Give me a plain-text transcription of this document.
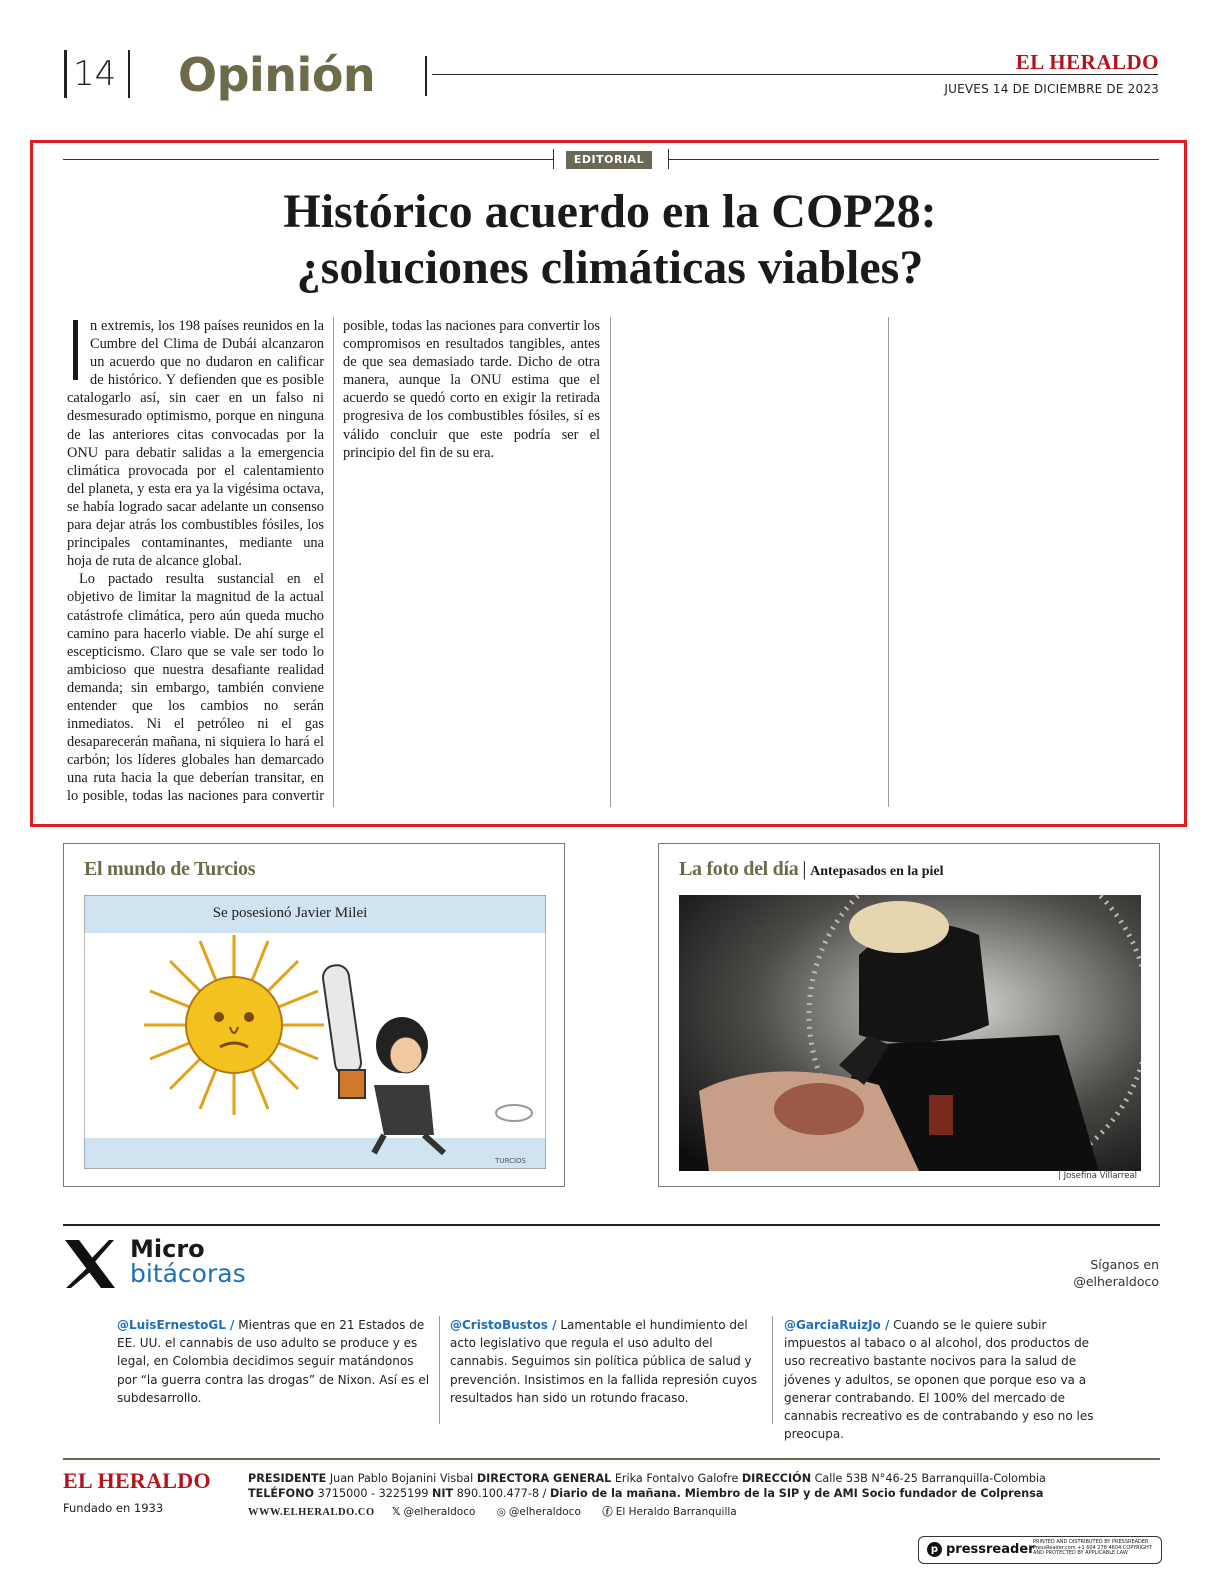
14 Opinión	EL HERALDO
JUEVES 14 DE DICIEMBRE DE 2023
EDITORIAL
Histórico acuerdo en la COP28:
¿soluciones climáticas viables?

n extremis, los 198 países reunidos en la Cumbre del Clima de Dubái alcanzaron un acuerdo que no dudaron en calificar de histórico. Y defienden que es posible catalogarlo así, sin caer en un falso ni desmesurado optimismo, porque en ninguna de las anteriores citas convocadas por la ONU para debatir salidas a la emergencia climática provocada por el calentamiento del planeta, y esta era ya la vigésima octava, se había logrado sacar adelante un consenso para dejar atrás los combustibles fósiles, los principales contaminantes, mediante una hoja de ruta de alcance global.

Lo pactado resulta sustancial en el objetivo de limitar la magnitud de la actual catástrofe climática, pero aún queda mucho camino para hacerlo viable. De ahí surge el escepticismo. Claro que se vale ser todo lo ambicioso que nuestra desafiante realidad demanda; sin embargo, también conviene entender que los cambios no serán inmediatos. Ni el petróleo ni el gas desaparecerán mañana, ni siquiera lo hará el carbón; los líderes globales han demarcado una ruta hacia la que deberían transitar, en lo posible, todas las naciones para convertir

posible, todas las naciones para convertir los compromisos en resultados tangibles, antes de que sea demasiado tarde. Dicho de otra manera, aunque la ONU estima que el acuerdo se quedó corto en exigir la retirada progresiva de los combustibles fósiles, sí es válido concluir que este podría ser el principio del fin de su era.

El mundo de Turcios
Se posesionó Javier Milei
TURCIOS
La foto del día | Antepasados en la piel
| Josefina Villarreal
Micro
bitácoras	Síganos en
@elheraldoco
@LuisErnestoGL / Mientras que en 21 Estados de EE. UU. el cannabis de uso adulto se produce y es legal, en Colombia decidimos seguir matándonos por “la guerra contra las drogas” de Nixon. Así es el subdesarrollo.
@CristoBustos / Lamentable el hundimiento del acto legislativo que regula el uso adulto del cannabis. Seguimos sin política pública de salud y prevención. Insistimos en la fallida represión cuyos resultados han sido un rotundo fracaso.
@GarciaRuizJo / Cuando se le quiere subir impuestos al tabaco o al alcohol, dos productos de uso recreativo bastante nocivos para la salud de jóvenes y adultos, se oponen que porque eso va a generar contrabando. El 100% del mercado de cannabis recreativo es de contrabando y eso no les preocupa.
EL HERALDO
Fundado en 1933
PRESIDENTE Juan Pablo Bojanini Visbal DIRECTORA GENERAL Erika Fontalvo Galofre DIRECCIÓN Calle 53B N°46-25 Barranquilla-Colombia
TELÉFONO 3715000 - 3225199 NIT 890.100.477-8 / Diario de la mañana. Miembro de la SIP y de AMI Socio fundador de Colprensa
WWW.ELHERALDO.CO 𝕏 @elheraldoco ◎ @elheraldoco ⓕ El Heraldo Barranquilla
p pressreader
PRINTED AND DISTRIBUTED BY PRESSREADER PressReader.com +1 604 278 4604 COPYRIGHT AND PROTECTED BY APPLICABLE LAW
